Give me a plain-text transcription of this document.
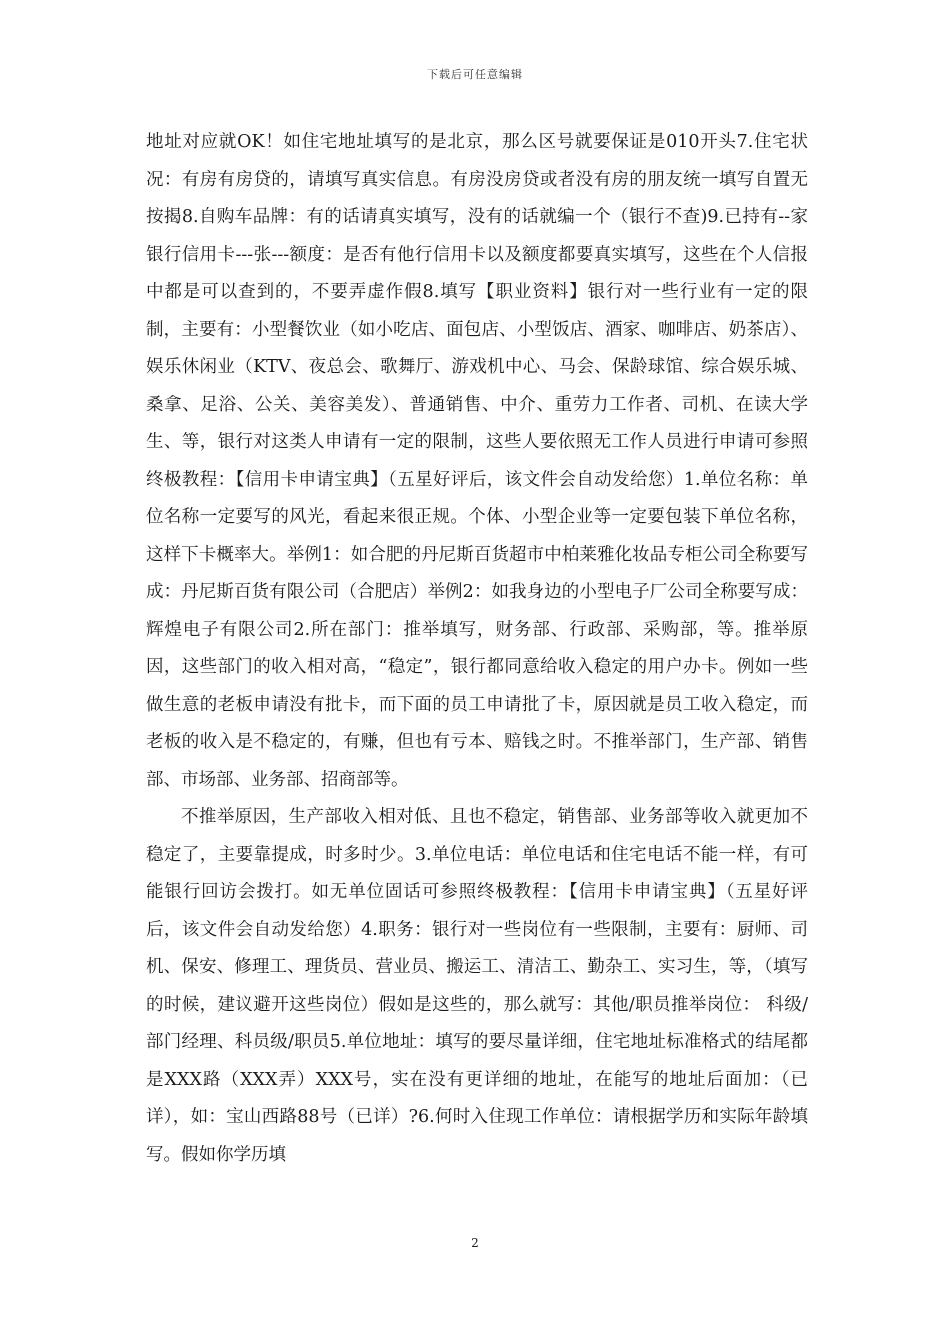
下载后可任意编辑

地址对应就OK！如住宅地址填写的是北京，那么区号就要保证是010开头7.住宅状况：有房有房贷的，请填写真实信息。有房没房贷或者没有房的朋友统一填写自置无按揭8.自购车品牌：有的话请真实填写，没有的话就编一个（银行不查)9.已持有--家银行信用卡---张---额度：是否有他行信用卡以及额度都要真实填写，这些在个人信报中都是可以查到的，不要弄虚作假8.填写【职业资料】银行对一些行业有一定的限制，主要有：小型餐饮业（如小吃店、面包店、小型饭店、酒家、咖啡店、奶茶店）、娱乐休闲业（KTV、夜总会、歌舞厅、游戏机中心、马会、保龄球馆、综合娱乐城、桑拿、足浴、公关、美容美发）、普通销售、中介、重劳力工作者、司机、在读大学生、等，银行对这类人申请有一定的限制，这些人要依照无工作人员进行申请可参照终极教程：【信用卡申请宝典】（五星好评后，该文件会自动发给您）1.单位名称：单位名称一定要写的风光，看起来很正规。个体、小型企业等一定要包装下单位名称，这样下卡概率大。举例1：如合肥的丹尼斯百货超市中柏莱雅化妆品专柜公司全称要写成：丹尼斯百货有限公司（合肥店）举例2：如我身边的小型电子厂公司全称要写成：辉煌电子有限公司2.所在部门：推举填写，财务部、行政部、采购部，等。推举原因，这些部门的收入相对高，“稳定”，银行都同意给收入稳定的用户办卡。例如一些做生意的老板申请没有批卡，而下面的员工申请批了卡，原因就是员工收入稳定，而老板的收入是不稳定的，有赚，但也有亏本、赔钱之时。不推举部门，生产部、销售部、市场部、业务部、招商部等。

不推举原因，生产部收入相对低、且也不稳定，销售部、业务部等收入就更加不稳定了，主要靠提成，时多时少。3.单位电话：单位电话和住宅电话不能一样，有可能银行回访会拨打。如无单位固话可参照终极教程：【信用卡申请宝典】（五星好评后，该文件会自动发给您）4.职务：银行对一些岗位有一些限制，主要有：厨师、司机、保安、修理工、理货员、营业员、搬运工、清洁工、勤杂工、实习生，等，（填写的时候，建议避开这些岗位）假如是这些的，那么就写：其他/职员推举岗位： 科级/部门经理、科员级/职员5.单位地址：填写的要尽量详细，住宅地址标准格式的结尾都是XXX路（XXX弄）XXX号，实在没有更详细的地址，在能写的地址后面加：（已详），如：宝山西路88号（已详）?6.何时入住现工作单位：请根据学历和实际年龄填写。假如你学历填

2
